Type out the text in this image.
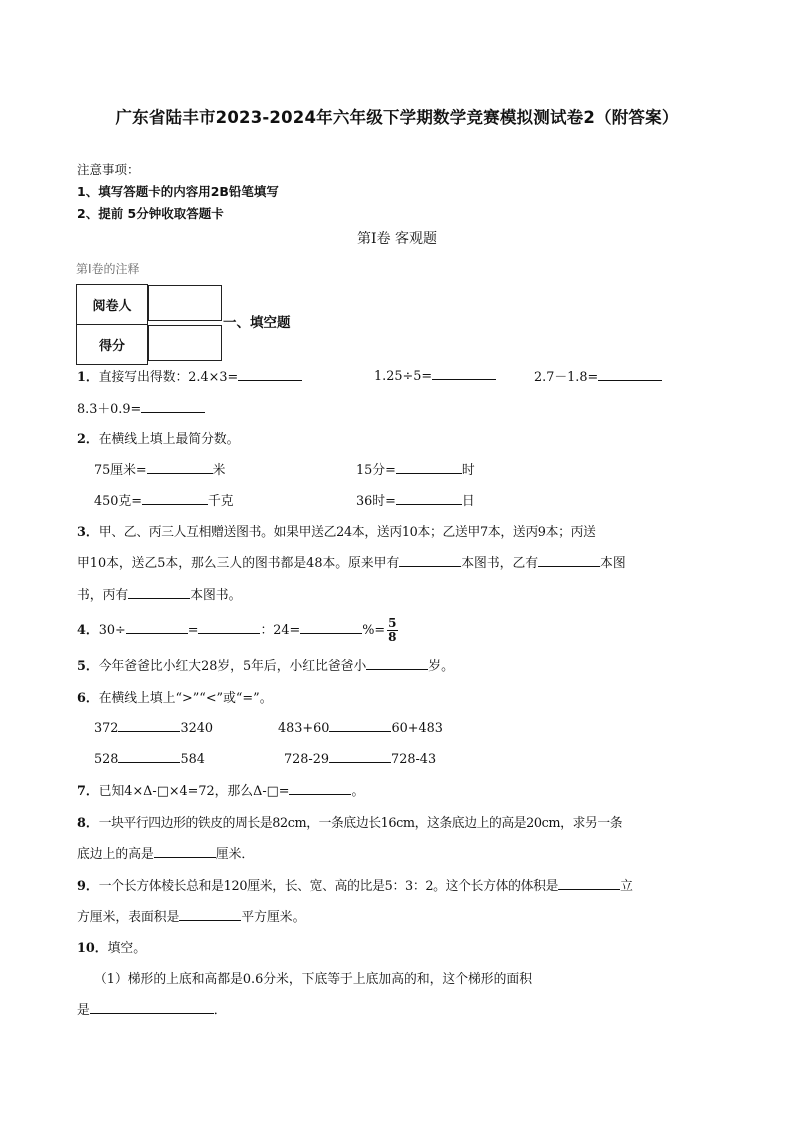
广东省陆丰市2023-2024年六年级下学期数学竞赛模拟测试卷2（附答案）
注意事项：
1、填写答题卡的内容用2B铅笔填写
2、提前 5分钟收取答题卡
第Ⅰ卷 客观题
第Ⅰ卷的注释
阅卷人	
得分	
一、填空题
1．直接写出得数：2.4×3=	1.25÷5=	2.7－1.8=
8.3＋0.9=
2．在横线上填上最简分数。
75厘米=	米	15分=	时
450克=	千克	36时=	日
3．甲、乙、丙三人互相赠送图书。如果甲送乙24本，送丙10本；乙送甲7本，送丙9本；丙送
甲10本，送乙5本，那么三人的图书都是48本。原来甲有	本图书，乙有	本图
书，丙有	本图书。
4．30÷	=	：24=	%= $\frac{5}{8}$
5．今年爸爸比小红大28岁，5年后，小红比爸爸小	岁。
6．在横线上填上“>”“<”或“=”。
372	3240	483+60	60+483
528	584	728-29	728-43
7．已知4×Δ-□×4=72，那么Δ-□=	。
8．一块平行四边形的铁皮的周长是82cm，一条底边长16cm，这条底边上的高是20cm，求另一条
底边上的高是	厘米．
9．一个长方体棱长总和是120厘米，长、宽、高的比是5：3：2。这个长方体的体积是	立
方厘米，表面积是	平方厘米。
10．填空。
（1）梯形的上底和高都是0.6分米，下底等于上底加高的和，这个梯形的面积
是	．
